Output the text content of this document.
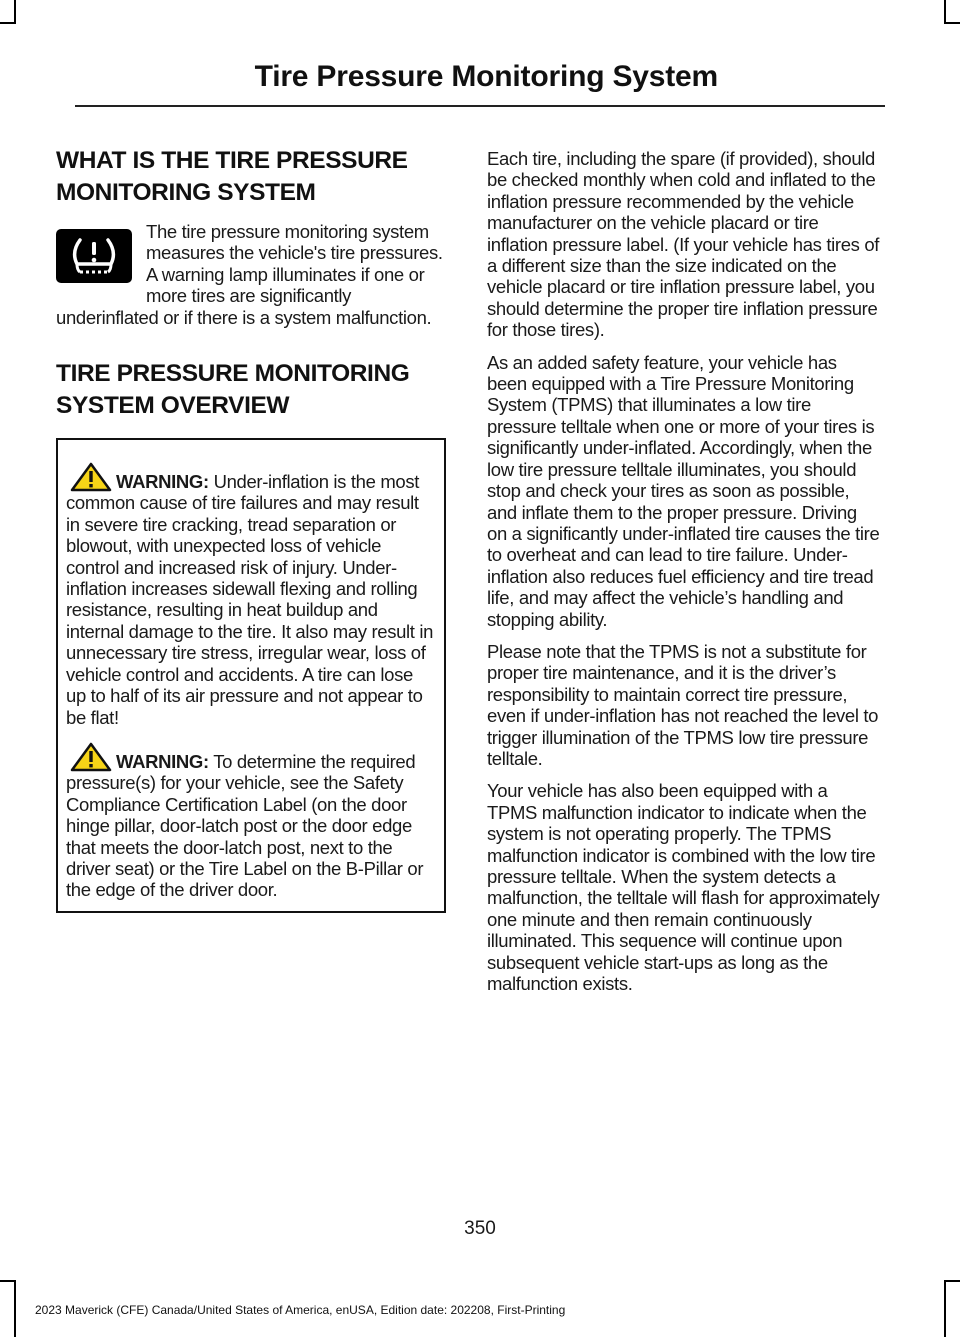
Tire Pressure Monitoring System
WHAT IS THE TIRE PRESSURE MONITORING SYSTEM
The tire pressure monitoring system measures the vehicle's tire pressures. A warning lamp illuminates if one or more tires are significantly underinflated or if there is a system malfunction.
TIRE PRESSURE MONITORING SYSTEM OVERVIEW

WARNING: Under-inflation is the most common cause of tire failures and may result in severe tire cracking, tread separation or blowout, with unexpected loss of vehicle control and increased risk of injury. Under-inflation increases sidewall flexing and rolling resistance, resulting in heat buildup and internal damage to the tire. It also may result in unnecessary tire stress, irregular wear, loss of vehicle control and accidents. A tire can lose up to half of its air pressure and not appear to be flat!

WARNING: To determine the required pressure(s) for your vehicle, see the Safety Compliance Certification Label (on the door hinge pillar, door-latch post or the door edge that meets the door-latch post, next to the driver seat) or the Tire Label on the B-Pillar or the edge of the driver door.

Each tire, including the spare (if provided), should be checked monthly when cold and inflated to the inflation pressure recommended by the vehicle manufacturer on the vehicle placard or tire inflation pressure label. (If your vehicle has tires of a different size than the size indicated on the vehicle placard or tire inflation pressure label, you should determine the proper tire inflation pressure for those tires).

As an added safety feature, your vehicle has been equipped with a Tire Pressure Monitoring System (TPMS) that illuminates a low tire pressure telltale when one or more of your tires is significantly under-inflated. Accordingly, when the low tire pressure telltale illuminates, you should stop and check your tires as soon as possible, and inflate them to the proper pressure. Driving on a significantly under-inflated tire causes the tire to overheat and can lead to tire failure. Under-inflation also reduces fuel efficiency and tire tread life, and may affect the vehicle’s handling and stopping ability.

Please note that the TPMS is not a substitute for proper tire maintenance, and it is the driver’s responsibility to maintain correct tire pressure, even if under-inflation has not reached the level to trigger illumination of the TPMS low tire pressure telltale.

Your vehicle has also been equipped with a TPMS malfunction indicator to indicate when the system is not operating properly. The TPMS malfunction indicator is combined with the low tire pressure telltale. When the system detects a malfunction, the telltale will flash for approximately one minute and then remain continuously illuminated. This sequence will continue upon subsequent vehicle start-ups as long as the malfunction exists.

350
2023 Maverick (CFE) Canada/United States of America, enUSA, Edition date: 202208, First-Printing
